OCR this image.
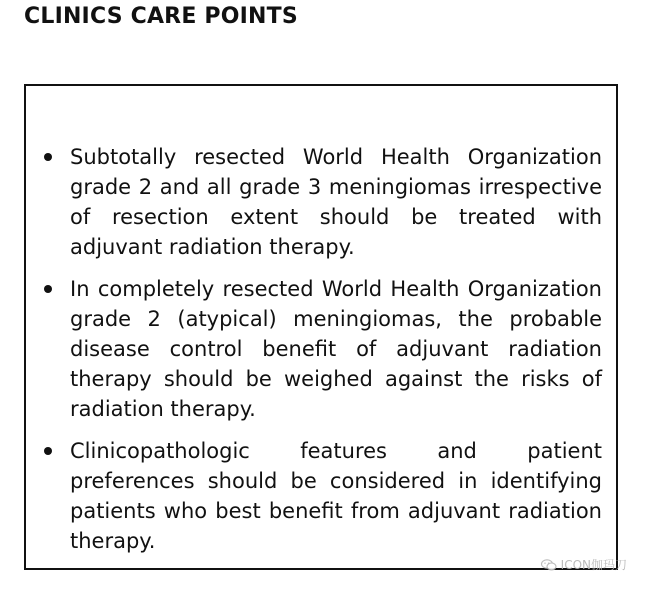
CLINICS CARE POINTS
Subtotally resected World Health Organization grade 2 and all grade 3 meningiomas irrespective of resection extent should be treated with adjuvant radiation therapy.
In completely resected World Health Organization grade 2 (atypical) meningiomas, the probable disease control benefit of adjuvant radiation therapy should be weighed against the risks of radiation therapy.
Clinicopathologic features and patient preferences should be considered in identifying patients who best benefit from adjuvant radiation therapy.
ICON伽玛刀
